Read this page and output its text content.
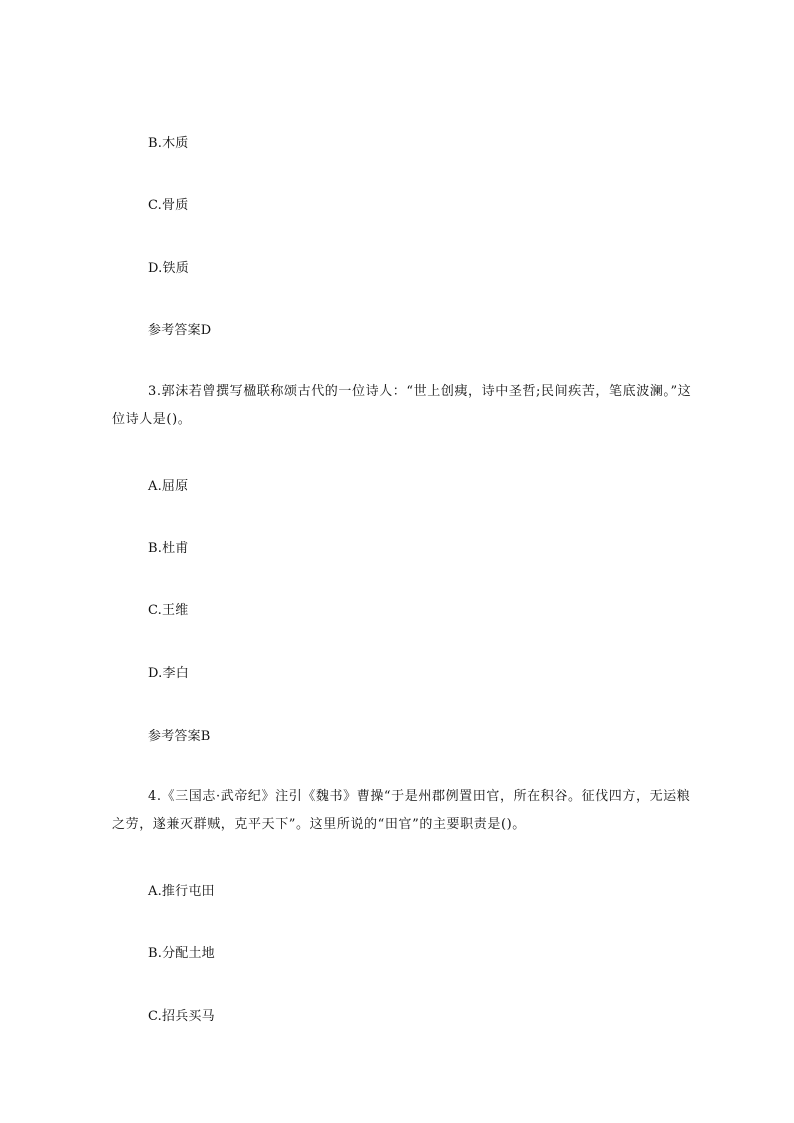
B.木质
C.骨质
D.铁质
参考答案D
3.郭沫若曾撰写楹联称颂古代的一位诗人：“世上创痍，诗中圣哲;民间疾苦，笔底波澜。”这位诗人是()。
A.屈原
B.杜甫
C.王维
D.李白
参考答案B
4.《三国志·武帝纪》注引《魏书》曹操“于是州郡例置田官，所在积谷。征伐四方，无运粮之劳，遂兼灭群贼，克平天下”。这里所说的“田官”的主要职责是()。
A.推行屯田
B.分配土地
C.招兵买马
